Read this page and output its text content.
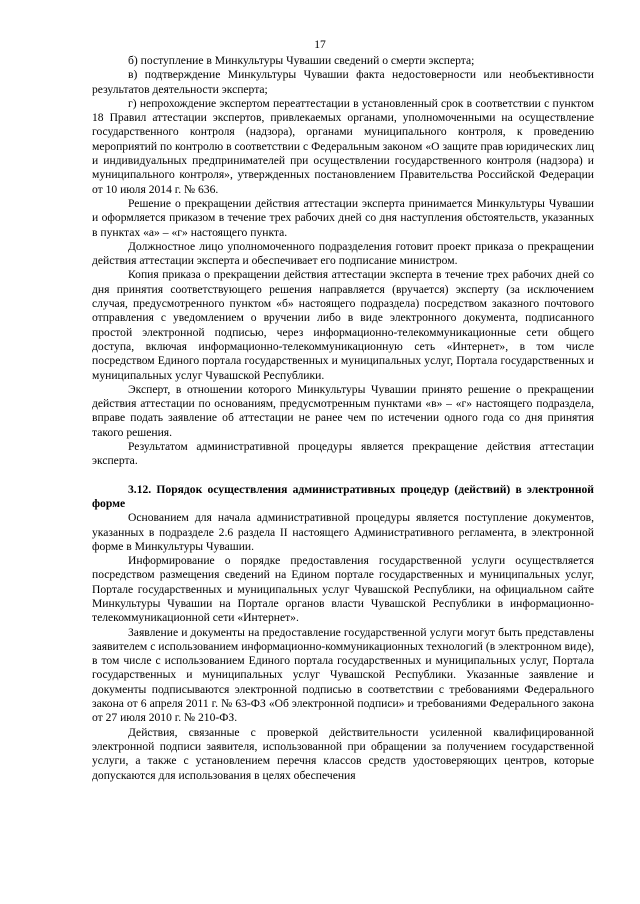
17

б) поступление в Минкультуры Чувашии сведений о смерти эксперта;

в) подтверждение Минкультуры Чувашии факта недостоверности или необъективности результатов деятельности эксперта;

г) непрохождение экспертом переаттестации в установленный срок в соответствии с пунктом 18 Правил аттестации экспертов, привлекаемых органами, уполномоченными на осуществление государственного контроля (надзора), органами муниципального контроля, к проведению мероприятий по контролю в соответствии с Федеральным законом «О защите прав юридических лиц и индивидуальных предпринимателей при осуществлении государственного контроля (надзора) и муниципального контроля», утвержденных постановлением Правительства Российской Федерации от 10 июля 2014 г. № 636.

Решение о прекращении действия аттестации эксперта принимается Минкультуры Чувашии и оформляется приказом в течение трех рабочих дней со дня наступления обстоятельств, указанных в пунктах «а» – «г» настоящего пункта.

Должностное лицо уполномоченного подразделения готовит проект приказа о прекращении действия аттестации эксперта и обеспечивает его подписание министром.

Копия приказа о прекращении действия аттестации эксперта в течение трех рабочих дней со дня принятия соответствующего решения направляется (вручается) эксперту (за исключением случая, предусмотренного пунктом «б» настоящего подраздела) посредством заказного почтового отправления с уведомлением о вручении либо в виде электронного документа, подписанного простой электронной подписью, через информационно-телекоммуникационные сети общего доступа, включая информационно-телекоммуникационную сеть «Интернет», в том числе посредством Единого портала государственных и муниципальных услуг, Портала государственных и муниципальных услуг Чувашской Республики.

Эксперт, в отношении которого Минкультуры Чувашии принято решение о прекращении действия аттестации по основаниям, предусмотренным пунктами «в» – «г» настоящего подраздела, вправе подать заявление об аттестации не ранее чем по истечении одного года со дня принятия такого решения.

Результатом административной процедуры является прекращение действия аттестации эксперта.

3.12. Порядок осуществления административных процедур (действий) в электронной форме

Основанием для начала административной процедуры является поступление документов, указанных в подразделе 2.6 раздела II настоящего Административного регламента, в электронной форме в Минкультуры Чувашии.

Информирование о порядке предоставления государственной услуги осуществляется посредством размещения сведений на Едином портале государственных и муниципальных услуг, Портале государственных и муниципальных услуг Чувашской Республики, на официальном сайте Минкультуры Чувашии на Портале органов власти Чувашской Республики в информационно-телекоммуникационной сети «Интернет».

Заявление и документы на предоставление государственной услуги могут быть представлены заявителем с использованием информационно-коммуникационных технологий (в электронном виде), в том числе с использованием Единого портала государственных и муниципальных услуг, Портала государственных и муниципальных услуг Чувашской Республики. Указанные заявление и документы подписываются электронной подписью в соответствии с требованиями Федерального закона от 6 апреля 2011 г. № 63-ФЗ «Об электронной подписи» и требованиями Федерального закона от 27 июля 2010 г. № 210-ФЗ.

Действия, связанные с проверкой действительности усиленной квалифицированной электронной подписи заявителя, использованной при обращении за получением государственной услуги, а также с установлением перечня классов средств удостоверяющих центров, которые допускаются для использования в целях обеспечения
